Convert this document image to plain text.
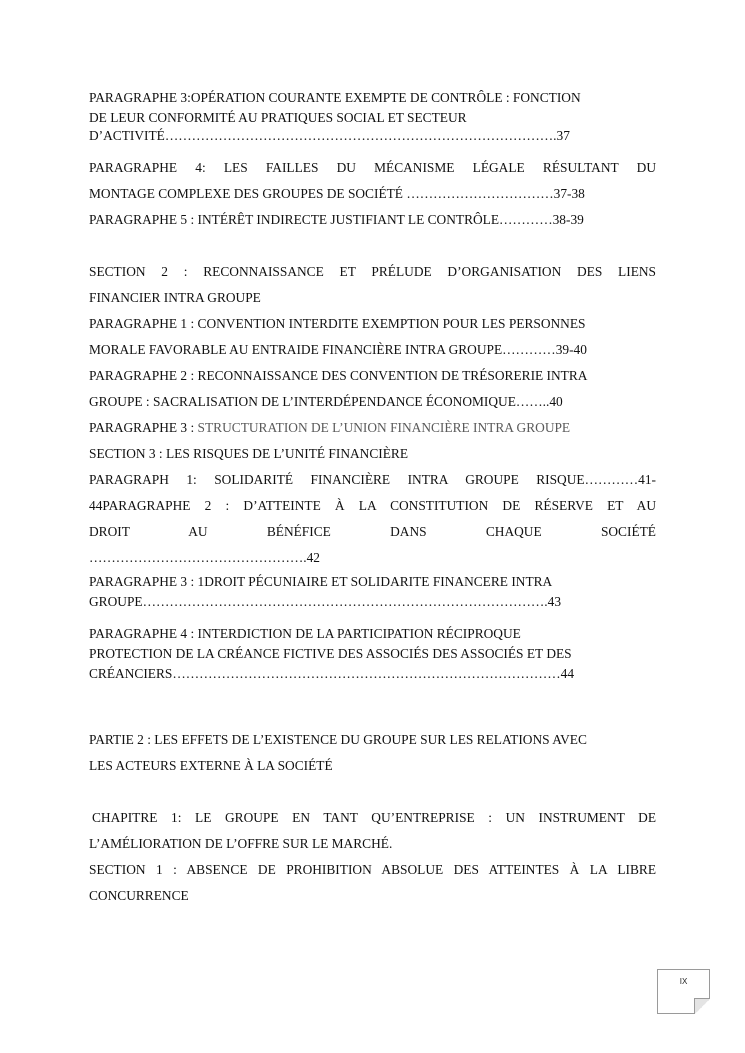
PARAGRAPHE 3:OPÉRATION COURANTE EXEMPTE DE CONTRÔLE : FONCTION

DE LEUR CONFORMITÉ AU PRATIQUES SOCIAL ET SECTEUR

D’ACTIVITÉ…………………………………………………………………………….37

PARAGRAPHE 4: LES FAILLES DU MÉCANISME LÉGALE RÉSULTANT DU

MONTAGE COMPLEXE DES GROUPES DE SOCIÉTÉ ……………………………37-38

PARAGRAPHE 5 : INTÉRÊT INDIRECTE JUSTIFIANT LE CONTRÔLE…………38-39

SECTION 2 : RECONNAISSANCE ET PRÉLUDE D’ORGANISATION DES LIENS

FINANCIER INTRA GROUPE

PARAGRAPHE 1 : CONVENTION INTERDITE EXEMPTION POUR LES PERSONNES

MORALE FAVORABLE AU ENTRAIDE FINANCIÈRE INTRA GROUPE…………39-40

PARAGRAPHE 2 : RECONNAISSANCE DES CONVENTION DE TRÉSORERIE INTRA

GROUPE : SACRALISATION DE L’INTERDÉPENDANCE ÉCONOMIQUE……..40

PARAGRAPHE 3 : STRUCTURATION DE L’UNION FINANCIÈRE INTRA GROUPE

SECTION 3 : LES RISQUES DE L’UNITÉ FINANCIÈRE

PARAGRAPH 1: SOLIDARITÉ FINANCIÈRE INTRA GROUPE RISQUE…………41-

44PARAGRAPHE 2 : D’ATTEINTE À LA CONSTITUTION DE RÉSERVE ET AU

DROIT AU BÉNÉFICE DANS CHAQUE SOCIÉTÉ

………………………………………….42

PARAGRAPHE 3 : 1DROIT PÉCUNIAIRE ET SOLIDARITE FINANCERE INTRA

GROUPE……………………………………………………………………………….43

PARAGRAPHE 4 : INTERDICTION DE LA PARTICIPATION RÉCIPROQUE

PROTECTION DE LA CRÉANCE FICTIVE DES ASSOCIÉS DES ASSOCIÉS ET DES

CRÉANCIERS……………………………………………………………………………44

PARTIE 2 : LES EFFETS DE L’EXISTENCE DU GROUPE SUR LES RELATIONS AVEC

LES ACTEURS EXTERNE À LA SOCIÉTÉ

CHAPITRE 1: LE GROUPE EN TANT QU’ENTREPRISE : UN INSTRUMENT DE

L’AMÉLIORATION DE L’OFFRE SUR LE MARCHÉ.

SECTION 1 : ABSENCE DE PROHIBITION ABSOLUE DES ATTEINTES À LA LIBRE

CONCURRENCE

IX
